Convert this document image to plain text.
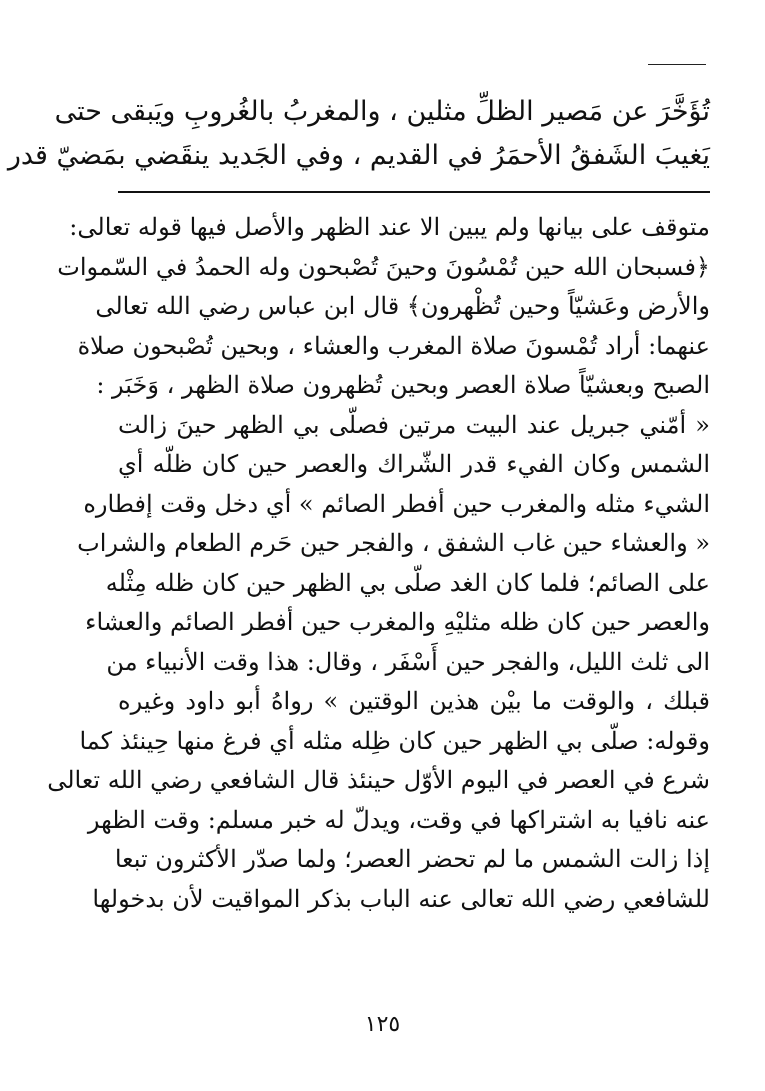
تُؤَخَّرَ عن مَصير الظلِّ مثلين ، والمغربُ بالغُروبِ ويَبقى حتى
يَغيبَ الشَفقُ الأحمَرُ في القديم ، وفي الجَديد ينقَضي بمَضيّ قدر
متوقف على بيانها ولم يبين الا عند الظهر والأصل فيها قوله تعالى:
﴿فسبحان الله حين تُمْسُونَ وحينَ تُصْبحون وله الحمدُ في السّموات
والأرض وعَشيّاً وحين تُظْهرون﴾ قال ابن عباس رضي الله تعالى
عنهما: أراد تُمْسونَ صلاة المغرب والعشاء ، وبحين تُصْبحون صلاة
الصبح وبعشيّاً صلاة العصر وبحين تُظهرون صلاة الظهر ، وَخَبَر :
« أمّني جبريل عند البيت مرتين فصلّى بي الظهر حينَ زالت
الشمس وكان الفيء قدر الشّراك والعصر حين كان ظلّه أي
الشيء مثله والمغرب حين أفطر الصائم » أي دخل وقت إفطاره
« والعشاء حين غاب الشفق ، والفجر حين حَرم الطعام والشراب
على الصائم؛ فلما كان الغد صلّى بي الظهر حين كان ظله مِثْله
والعصر حين كان ظله مثليْهِ والمغرب حين أفطر الصائم والعشاء
الى ثلث الليل، والفجر حين أَسْفَر ، وقال: هذا وقت الأنبياء من
قبلك ، والوقت ما بيْن هذين الوقتين » رواهُ أبو داود وغيره
وقوله: صلّى بي الظهر حين كان ظِله مثله أي فرغ منها حِينئذ كما
شرع في العصر في اليوم الأوّل حينئذ قال الشافعي رضي الله تعالى
عنه نافيا به اشتراكها في وقت، ويدلّ له خبر مسلم: وقت الظهر
إذا زالت الشمس ما لم تحضر العصر؛ ولما صدّر الأكثرون تبعا
للشافعي رضي الله تعالى عنه الباب بذكر المواقيت لأن بدخولها
١٢٥
